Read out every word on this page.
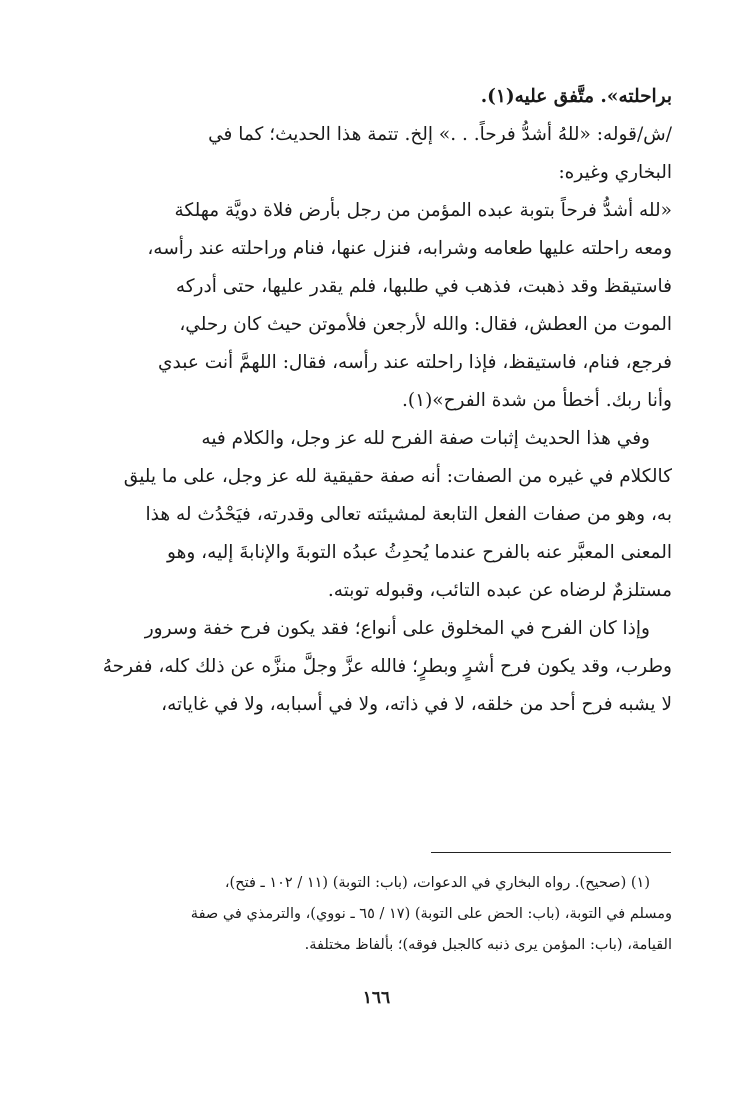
براحلته». متَّفق عليه(١).
/ش/قوله: «للهُ أشدُّ فرحاً. . .» إلخ. تتمة هذا الحديث؛ كما في
البخاري وغيره:
«لله أشدُّ فرحاً بتوبة عبده المؤمن من رجل بأرض فلاة دويَّة مهلكة
ومعه راحلته عليها طعامه وشرابه، فنزل عنها، فنام وراحلته عند رأسه،
فاستيقظ وقد ذهبت، فذهب في طلبها، فلم يقدر عليها، حتى أدركه
الموت من العطش، فقال: والله لأرجعن فلأموتن حيث كان رحلي،
فرجع، فنام، فاستيقظ، فإذا راحلته عند رأسه، فقال: اللهمَّ أنت عبدي
وأنا ربك. أخطأ من شدة الفرح»(١).
وفي هذا الحديث إثبات صفة الفرح لله عز وجل، والكلام فيه
كالكلام في غيره من الصفات: أنه صفة حقيقية لله عز وجل، على ما يليق
به، وهو من صفات الفعل التابعة لمشيئته تعالى وقدرته، فيَحْدُث له هذا
المعنى المعبَّر عنه بالفرح عندما يُحدِثُ عبدُه التوبةَ والإنابةَ إليه، وهو
مستلزمٌ لرضاه عن عبده التائب، وقبوله توبته.
وإذا كان الفرح في المخلوق على أنواع؛ فقد يكون فرح خفة وسرور
وطرب، وقد يكون فرح أشرٍ وبطرٍ؛ فالله عزَّ وجلَّ منزَّه عن ذلك كله، ففرحهُ
لا يشبه فرح أحد من خلقه، لا في ذاته، ولا في أسبابه، ولا في غاياته،
(١) (صحيح). رواه البخاري في الدعوات، (باب: التوبة) (١١ / ١٠٢ ـ فتح)،
ومسلم في التوبة، (باب: الحض على التوبة) (١٧ / ٦٥ ـ نووي)، والترمذي في صفة
القيامة، (باب: المؤمن يرى ذنبه كالجبل فوقه)؛ بألفاظ مختلفة.
١٦٦
